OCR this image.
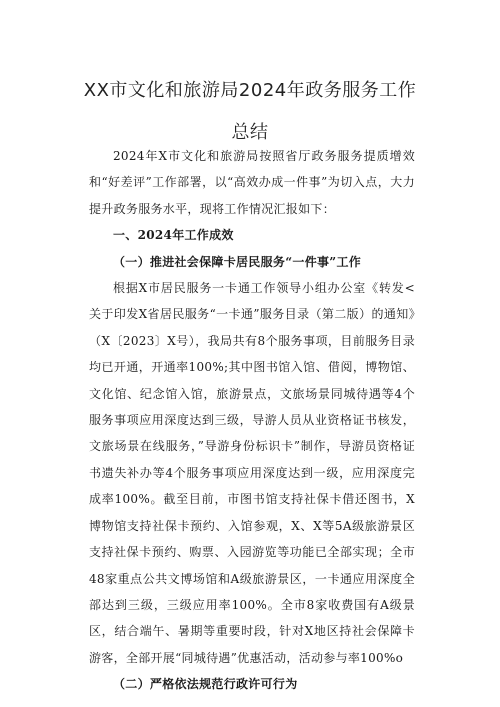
XX市文化和旅游局2024年政务服务工作
总结

2024年X市文化和旅游局按照省厅政务服务提质增效和“好差评”工作部署，以“高效办成一件事”为切入点，大力提升政务服务水平，现将工作情况汇报如下：

一、2024年工作成效

（一）推进社会保障卡居民服务“一件事”工作

根据X市居民服务一卡通工作领导小组办公室《转发<关于印发X省居民服务“一卡通”服务目录（第二版）的通知》（X〔2023〕X号），我局共有8个服务事项，目前服务目录均已开通，开通率100%;其中图书馆入馆、借阅，博物馆、文化馆、纪念馆入馆，旅游景点，文旅场景同城待遇等4个服务事项应用深度达到三级，导游人员从业资格证书核发，文旅场景在线服务，”导游身份标识卡”制作，导游员资格证书遗失补办等4个服务事项应用深度达到一级，应用深度完成率100%。截至目前，市图书馆支持社保卡借还图书，X博物馆支持社保卡预约、入馆参观，X、X等5A级旅游景区支持社保卡预约、购票、入园游览等功能已全部实现；全市48家重点公共文博场馆和A级旅游景区，一卡通应用深度全部达到三级，三级应用率100%。全市8家收费国有A级景区，结合端午、暑期等重要时段，针对X地区持社会保障卡游客，全部开展“同城待遇”优惠活动，活动参与率100%o

（二）严格依法规范行政许可行为
